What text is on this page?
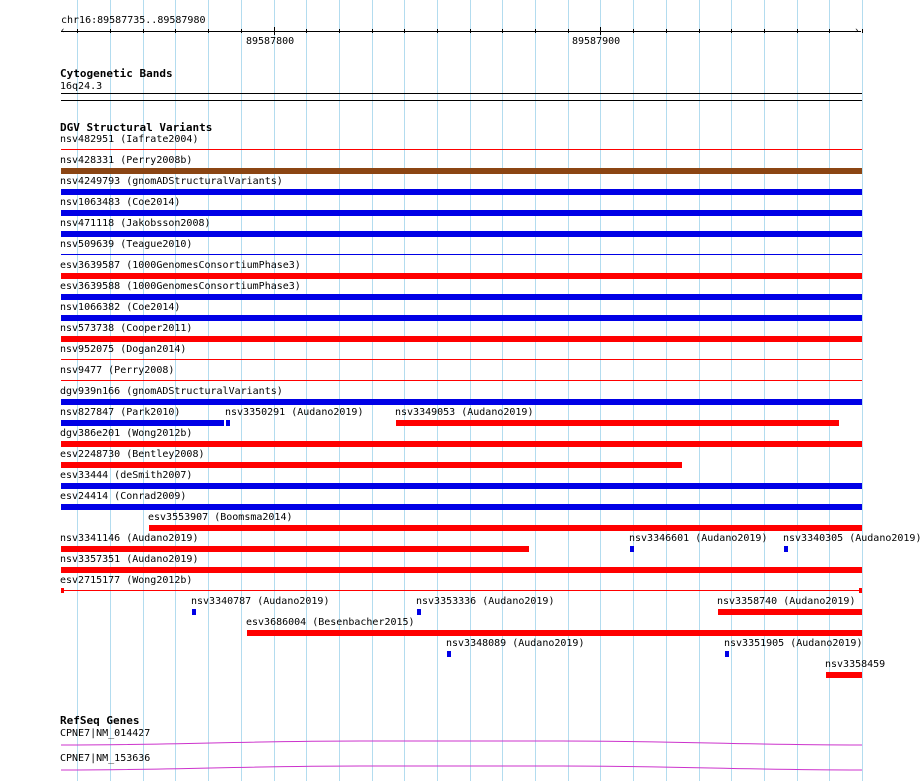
chr16:89587735..89587980
‹	›
89587800	89587900
Cytogenetic Bands
16q24.3
DGV Structural Variants
nsv482951 (Iafrate2004)
nsv428331 (Perry2008b)
nsv4249793 (gnomADStructuralVariants)
nsv1063483 (Coe2014)
nsv471118 (Jakobsson2008)
nsv509639 (Teague2010)
esv3639587 (1000GenomesConsortiumPhase3)
esv3639588 (1000GenomesConsortiumPhase3)
nsv1066382 (Coe2014)
nsv573738 (Cooper2011)
nsv952075 (Dogan2014)
nsv9477 (Perry2008)
dgv939n166 (gnomADStructuralVariants)
nsv827847 (Park2010)	nsv3350291 (Audano2019)	nsv3349053 (Audano2019)
dgv386e201 (Wong2012b)
esv2248730 (Bentley2008)
esv33444 (deSmith2007)
esv24414 (Conrad2009)
esv3553907 (Boomsma2014)
nsv3341146 (Audano2019)	nsv3346601 (Audano2019) nsv3340305 (Audano2019)
nsv3357351 (Audano2019)
esv2715177 (Wong2012b)
nsv3340787 (Audano2019)	nsv3353336 (Audano2019)	nsv3358740 (Audano2019)
esv3686004 (Besenbacher2015)
nsv3348089 (Audano2019)	nsv3351905 (Audano2019)
nsv3358459
RefSeq Genes
CPNE7|NM_014427
CPNE7|NM_153636
